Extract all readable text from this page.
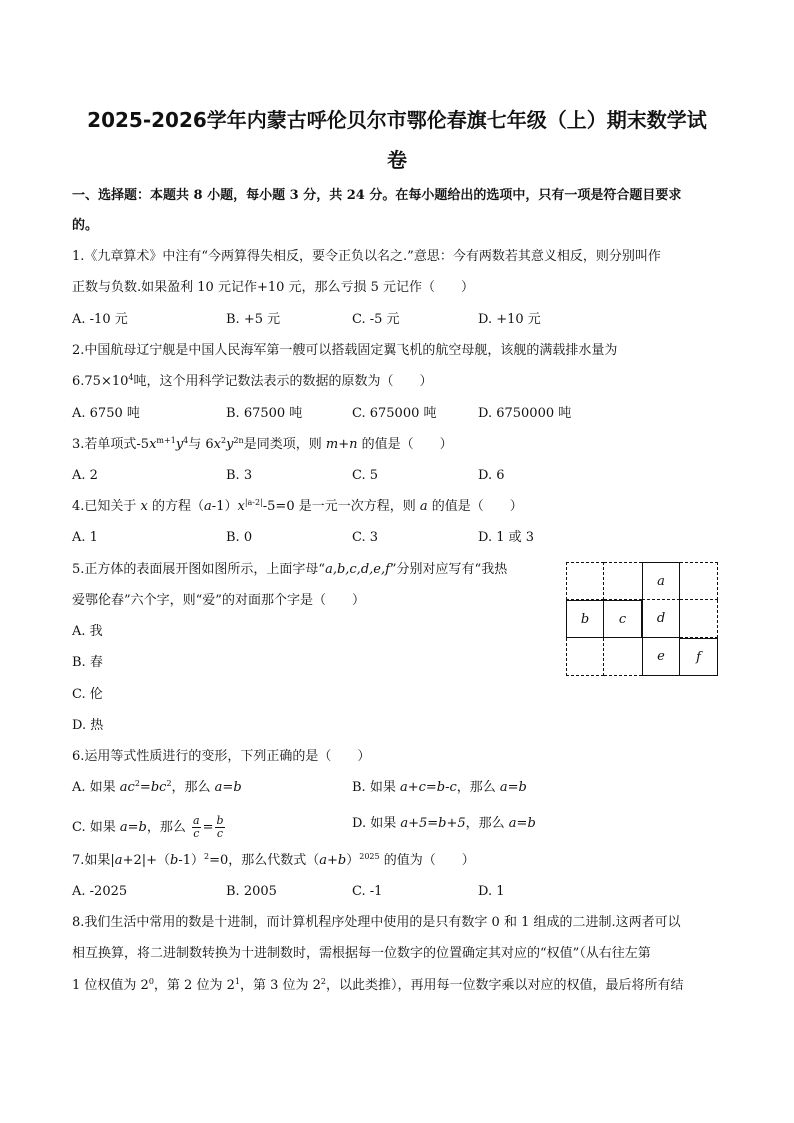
2025-2026学年内蒙古呼伦贝尔市鄂伦春旗七年级（上）期末数学试
卷
一、选择题：本题共 8 小题，每小题 3 分，共 24 分。在每小题给出的选项中，只有一项是符合题目要求
的。
1.《九章算术》中注有“今两算得失相反，要令正负以名之.”意思：今有两数若其意义相反，则分别叫作
正数与负数.如果盈利 10 元记作+10 元，那么亏损 5 元记作（　　）
A. -10 元	B. +5 元	C. -5 元	D. +10 元
2.中国航母辽宁舰是中国人民海军第一艘可以搭载固定翼飞机的航空母舰，该舰的满载排水量为
$6.75\times 10^4$吨，这个用科学记数法表示的数据的原数为（　　）
A. 6750 吨	B. 67500 吨	C. 675000 吨	D. 6750000 吨
3.若单项式$-5x^{m+1}y^4$与 $6x^2y^{2n}$是同类项，则 m+n 的值是（　　）
A. 2	B. 3	C. 5	D. 6
4.已知关于 x 的方程$(a-1)x^{|a-2|}-5=0$ 是一元一次方程，则 a 的值是（　　）
A. 1	B. 0	C. 3	D. 1 或 3
5.正方体的表面展开图如图所示，上面字母“a,b,c,d,e,f”分别对应写有“我热
爱鄂伦春”六个字，则“爱”的对面那个字是（　　）
A. 我
B. 春
C. 伦
D. 热
a
b c d
e f
6.运用等式性质进行的变形，下列正确的是（　　）
A. 如果 $ac^2=bc^2$，那么 a=b	B. 如果 a+c=b-c，那么 a=b
C. 如果 a=b，那么 $\frac{a}{c} = \frac{b}{c}$	D. 如果 a+5=b+5，那么 a=b
7.如果$|a+2|+(b-1)^2=0$，那么代数式$(a+b)^{2025}$ 的值为（　　）
A. -2025	B. 2005	C. -1	D. 1
8.我们生活中常用的数是十进制，而计算机程序处理中使用的是只有数字 0 和 1 组成的二进制.这两者可以
相互换算，将二进制数转换为十进制数时，需根据每一位数字的位置确定其对应的“权值”（从右往左第
1 位权值为 $2^0$，第 2 位为 $2^1$，第 3 位为 $2^2$，以此类推），再用每一位数字乘以对应的权值，最后将所有结
